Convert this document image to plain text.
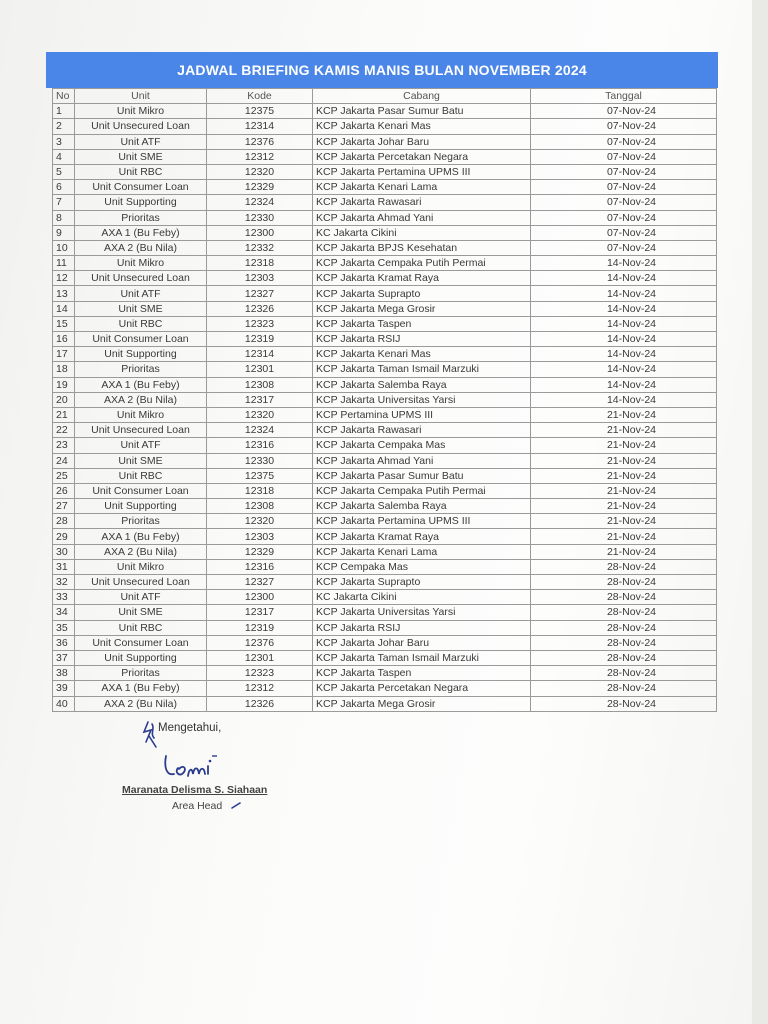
JADWAL BRIEFING KAMIS MANIS BULAN NOVEMBER 2024
No	Unit	Kode	Cabang	Tanggal
1	Unit Mikro	12375	KCP Jakarta Pasar Sumur Batu	07-Nov-24
2	Unit Unsecured Loan	12314	KCP Jakarta Kenari Mas	07-Nov-24
3	Unit ATF	12376	KCP Jakarta Johar Baru	07-Nov-24
4	Unit SME	12312	KCP Jakarta Percetakan Negara	07-Nov-24
5	Unit RBC	12320	KCP Jakarta Pertamina UPMS III	07-Nov-24
6	Unit Consumer Loan	12329	KCP Jakarta Kenari Lama	07-Nov-24
7	Unit Supporting	12324	KCP Jakarta Rawasari	07-Nov-24
8	Prioritas	12330	KCP Jakarta Ahmad Yani	07-Nov-24
9	AXA 1 (Bu Feby)	12300	KC Jakarta Cikini	07-Nov-24
10	AXA 2 (Bu Nila)	12332	KCP Jakarta BPJS Kesehatan	07-Nov-24
11	Unit Mikro	12318	KCP Jakarta Cempaka Putih Permai	14-Nov-24
12	Unit Unsecured Loan	12303	KCP Jakarta Kramat Raya	14-Nov-24
13	Unit ATF	12327	KCP Jakarta Suprapto	14-Nov-24
14	Unit SME	12326	KCP Jakarta Mega Grosir	14-Nov-24
15	Unit RBC	12323	KCP Jakarta Taspen	14-Nov-24
16	Unit Consumer Loan	12319	KCP Jakarta RSIJ	14-Nov-24
17	Unit Supporting	12314	KCP Jakarta Kenari Mas	14-Nov-24
18	Prioritas	12301	KCP Jakarta Taman Ismail Marzuki	14-Nov-24
19	AXA 1 (Bu Feby)	12308	KCP Jakarta Salemba Raya	14-Nov-24
20	AXA 2 (Bu Nila)	12317	KCP Jakarta Universitas Yarsi	14-Nov-24
21	Unit Mikro	12320	KCP Pertamina UPMS III	21-Nov-24
22	Unit Unsecured Loan	12324	KCP Jakarta Rawasari	21-Nov-24
23	Unit ATF	12316	KCP Jakarta Cempaka Mas	21-Nov-24
24	Unit SME	12330	KCP Jakarta Ahmad Yani	21-Nov-24
25	Unit RBC	12375	KCP Jakarta Pasar Sumur Batu	21-Nov-24
26	Unit Consumer Loan	12318	KCP Jakarta Cempaka Putih Permai	21-Nov-24
27	Unit Supporting	12308	KCP Jakarta Salemba Raya	21-Nov-24
28	Prioritas	12320	KCP Jakarta Pertamina UPMS III	21-Nov-24
29	AXA 1 (Bu Feby)	12303	KCP Jakarta Kramat Raya	21-Nov-24
30	AXA 2 (Bu Nila)	12329	KCP Jakarta Kenari Lama	21-Nov-24
31	Unit Mikro	12316	KCP Cempaka Mas	28-Nov-24
32	Unit Unsecured Loan	12327	KCP Jakarta Suprapto	28-Nov-24
33	Unit ATF	12300	KC Jakarta Cikini	28-Nov-24
34	Unit SME	12317	KCP Jakarta Universitas Yarsi	28-Nov-24
35	Unit RBC	12319	KCP Jakarta RSIJ	28-Nov-24
36	Unit Consumer Loan	12376	KCP Jakarta Johar Baru	28-Nov-24
37	Unit Supporting	12301	KCP Jakarta Taman Ismail Marzuki	28-Nov-24
38	Prioritas	12323	KCP Jakarta Taspen	28-Nov-24
39	AXA 1 (Bu Feby)	12312	KCP Jakarta Percetakan Negara	28-Nov-24
40	AXA 2 (Bu Nila)	12326	KCP Jakarta Mega Grosir	28-Nov-24
Mengetahui,
Maranata Delisma S. Siahaan
Area Head
